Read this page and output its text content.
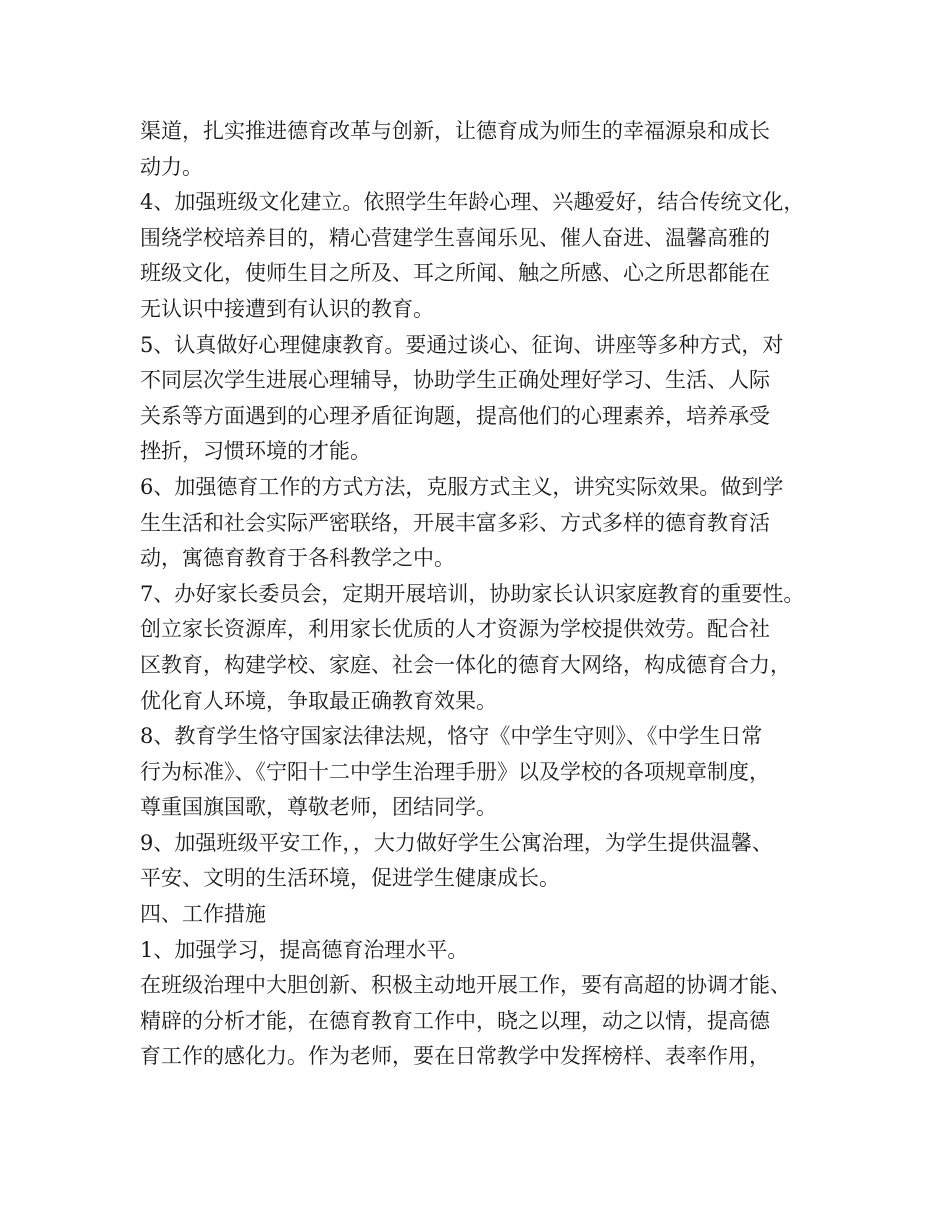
渠道，扎实推进德育改革与创新，让德育成为师生的幸福源泉和成长
动力。
4、加强班级文化建立。依照学生年龄心理、兴趣爱好，结合传统文化，
围绕学校培养目的，精心营建学生喜闻乐见、催人奋进、温馨高雅的
班级文化，使师生目之所及、耳之所闻、触之所感、心之所思都能在
无认识中接遭到有认识的教育。
5、认真做好心理健康教育。要通过谈心、征询、讲座等多种方式，对
不同层次学生进展心理辅导，协助学生正确处理好学习、生活、人际
关系等方面遇到的心理矛盾征询题，提高他们的心理素养，培养承受
挫折，习惯环境的才能。
6、加强德育工作的方式方法，克服方式主义，讲究实际效果。做到学
生生活和社会实际严密联络，开展丰富多彩、方式多样的德育教育活
动，寓德育教育于各科教学之中。
7、办好家长委员会，定期开展培训，协助家长认识家庭教育的重要性。
创立家长资源库，利用家长优质的人才资源为学校提供效劳。配合社
区教育，构建学校、家庭、社会一体化的德育大网络，构成德育合力，
优化育人环境，争取最正确教育效果。
8、教育学生恪守国家法律法规，恪守《中学生守则》、《中学生日常
行为标准》、《宁阳十二中学生治理手册》以及学校的各项规章制度，
尊重国旗国歌，尊敬老师，团结同学。
9、加强班级平安工作，，大力做好学生公寓治理，为学生提供温馨、
平安、文明的生活环境，促进学生健康成长。
四、工作措施
1、加强学习，提高德育治理水平。
在班级治理中大胆创新、积极主动地开展工作，要有高超的协调才能、
精辟的分析才能，在德育教育工作中，晓之以理，动之以情，提高德
育工作的感化力。作为老师，要在日常教学中发挥榜样、表率作用，
